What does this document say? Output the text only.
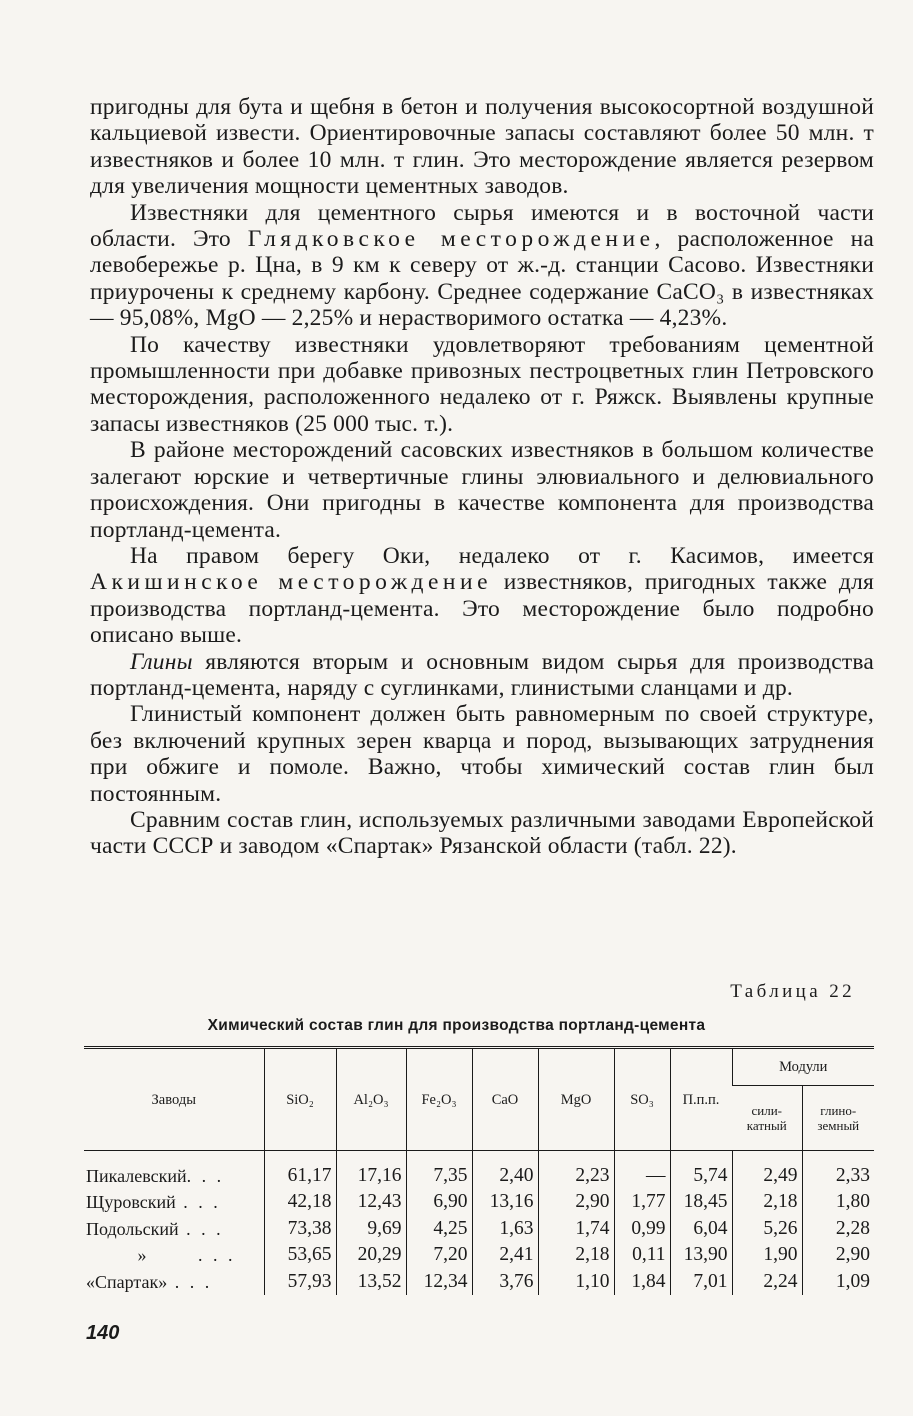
пригодны для бута и щебня в бетон и получения высокосортной воздушной кальциевой извести. Ориентировочные запасы составляют более 50 млн. т известняков и более 10 млн. т глин. Это месторождение является резервом для увеличения мощности цементных заводов.

Известняки для цементного сырья имеются и в восточной части области. Это Глядковское месторождение, расположенное на левобережье р. Цна, в 9 км к северу от ж.-д. станции Сасово. Известняки приурочены к среднему карбону. Среднее содержание CaCO₃ в известняках — 95,08%, MgO — 2,25% и нерастворимого остатка — 4,23%.

По качеству известняки удовлетворяют требованиям цементной промышленности при добавке привозных пестроцветных глин Петровского месторождения, расположенного недалеко от г. Ряжск. Выявлены крупные запасы известняков (25 000 тыс. т.).

В районе месторождений сасовских известняков в большом количестве залегают юрские и четвертичные глины элювиального и делювиального происхождения. Они пригодны в качестве компонента для производства портланд-цемента.

На правом берегу Оки, недалеко от г. Касимов, имеется Акишинское месторождение известняков, пригодных также для производства портланд-цемента. Это месторождение было подробно описано выше.

Глины являются вторым и основным видом сырья для производства портланд-цемента, наряду с суглинками, глинистыми сланцами и др.

Глинистый компонент должен быть равномерным по своей структуре, без включений крупных зерен кварца и пород, вызывающих затруднения при обжиге и помоле. Важно, чтобы химический состав глин был постоянным.

Сравним состав глин, используемых различными заводами Европейской части СССР и заводом «Спартак» Рязанской области (табл. 22).

Таблица 22
Химический состав глин для производства портланд-цемента
Заводы	SiO₂	Al₂O₃	Fe₂O₃	CaO	MgO	SO₃	П.п.п.	Модули	
								сили-катный	глино-земный
Пикалевский. . .	61,17	17,16	7,35	2,40	2,23	—	5,74	2,49	2,33
Щуровский . . .	42,18	12,43	6,90	13,16	2,90	1,77	18,45	2,18	1,80
Подольский . . .	73,38	9,69	4,25	1,63	1,74	0,99	6,04	5,26	2,28
» . . .	53,65	20,29	7,20	2,41	2,18	0,11	13,90	1,90	2,90
«Спартак» . . .	57,93	13,52	12,34	3,76	1,10	1,84	7,01	2,24	1,09
140
